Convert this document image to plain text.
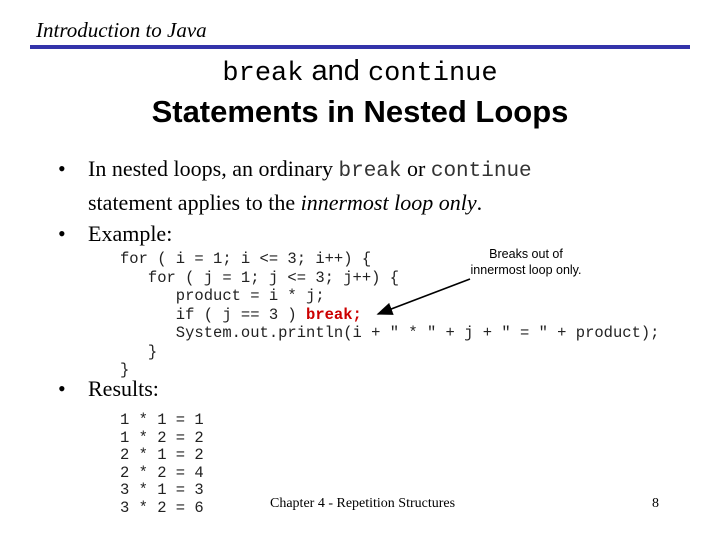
Introduction to Java
break and continue
Statements in Nested Loops
• In nested loops, an ordinary break or continue
statement applies to the innermost loop only.
• Example:
for ( i = 1; i <= 3; i++) {
for ( j = 1; j <= 3; j++) {
product = i * j;
if ( j == 3 ) break;
System.out.println(i + " * " + j + " = " + product);
}
}
Breaks out of
innermost loop only.
• Results:
1 * 1 = 1
1 * 2 = 2
2 * 1 = 2
2 * 2 = 4
3 * 1 = 3
3 * 2 = 6	Chapter 4 - Repetition Structures	8
